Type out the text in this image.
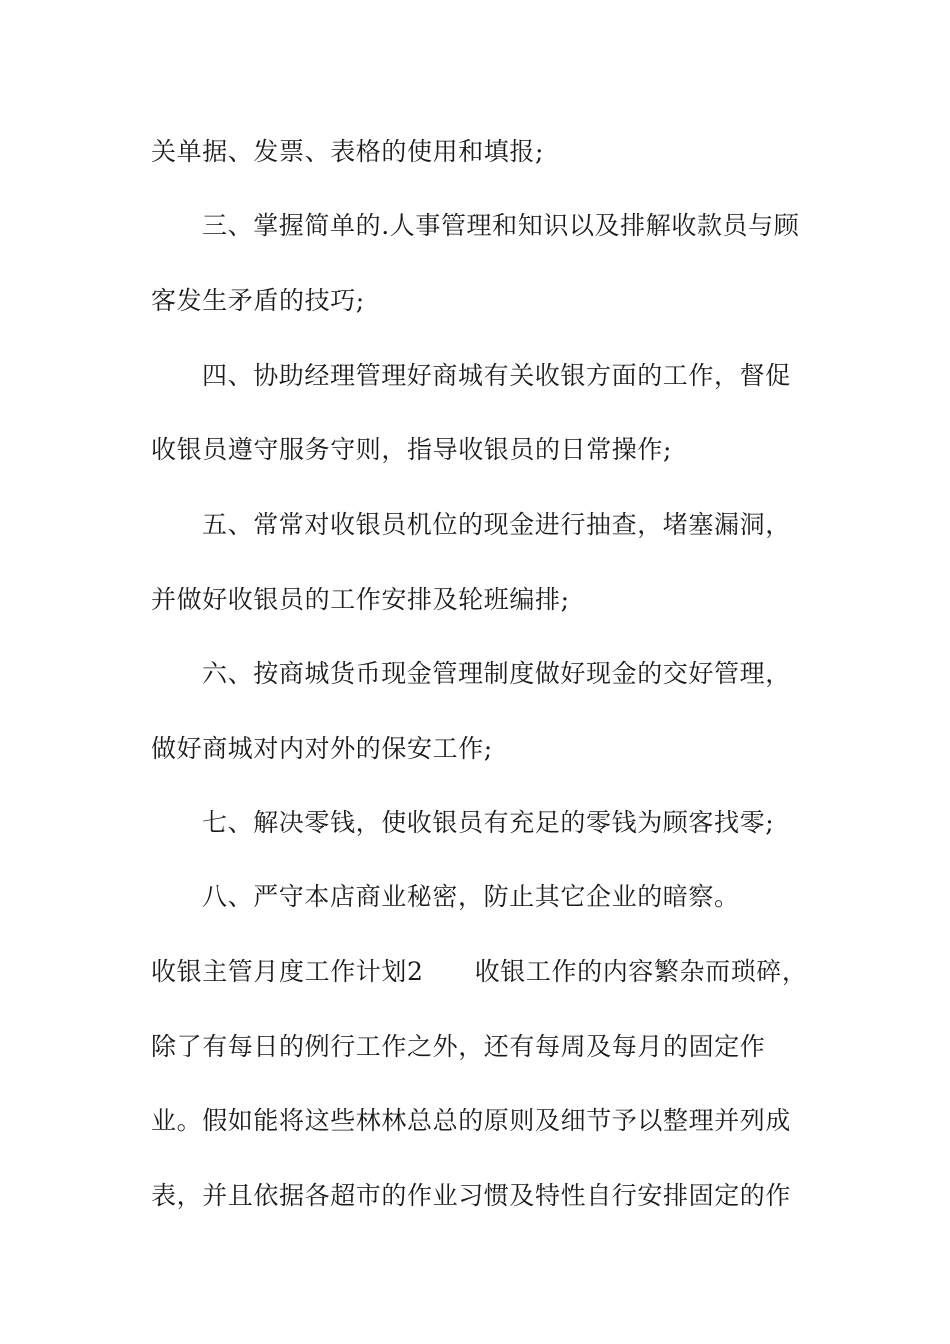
关单据、发票、表格的使用和填报;
三、掌握简单的.人事管理和知识以及排解收款员与顾
客发生矛盾的技巧;
四、协助经理管理好商城有关收银方面的工作，督促
收银员遵守服务守则，指导收银员的日常操作;
五、常常对收银员机位的现金进行抽查，堵塞漏洞，
并做好收银员的工作安排及轮班编排;
六、按商城货币现金管理制度做好现金的交好管理，
做好商城对内对外的保安工作;
七、解决零钱，使收银员有充足的零钱为顾客找零;
八、严守本店商业秘密，防止其它企业的暗察。
收银主管月度工作计划2　　收银工作的内容繁杂而琐碎，
除了有每日的例行工作之外，还有每周及每月的固定作
业。假如能将这些林林总总的原则及细节予以整理并列成
表，并且依据各超市的作业习惯及特性自行安排固定的作
